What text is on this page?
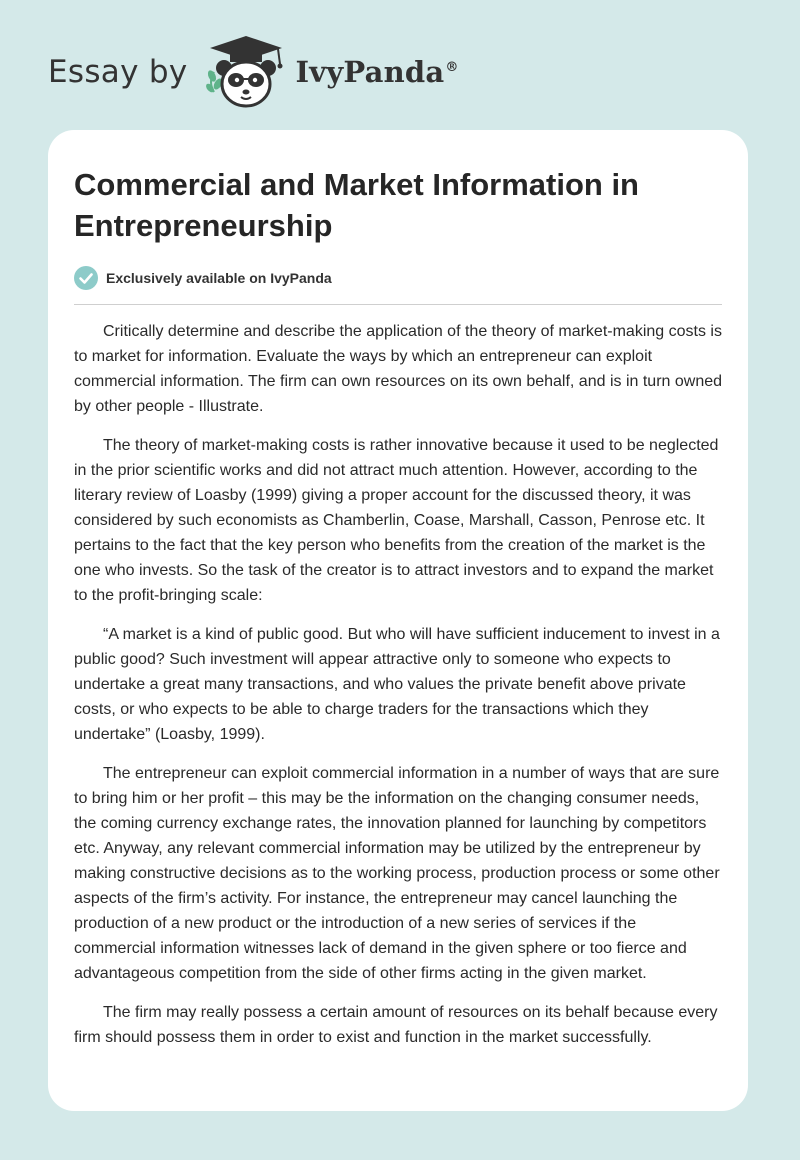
Essay by	IvyPanda®
Commercial and Market Information in Entrepreneurship
Exclusively available on IvyPanda

Critically determine and describe the application of the theory of market-making costs is to market for information. Evaluate the ways by which an entrepreneur can exploit commercial information. The firm can own resources on its own behalf, and is in turn owned by other people - Illustrate.

The theory of market-making costs is rather innovative because it used to be neglected in the prior scientific works and did not attract much attention. However, according to the literary review of Loasby (1999) giving a proper account for the discussed theory, it was considered by such economists as Chamberlin, Coase, Marshall, Casson, Penrose etc. It pertains to the fact that the key person who benefits from the creation of the market is the one who invests. So the task of the creator is to attract investors and to expand the market to the profit-bringing scale:

“A market is a kind of public good. But who will have sufficient inducement to invest in a public good? Such investment will appear attractive only to someone who expects to undertake a great many transactions, and who values the private benefit above private costs, or who expects to be able to charge traders for the transactions which they undertake” (Loasby, 1999).

The entrepreneur can exploit commercial information in a number of ways that are sure to bring him or her profit – this may be the information on the changing consumer needs, the coming currency exchange rates, the innovation planned for launching by competitors etc. Anyway, any relevant commercial information may be utilized by the entrepreneur by making constructive decisions as to the working process, production process or some other aspects of the firm’s activity. For instance, the entrepreneur may cancel launching the production of a new product or the introduction of a new series of services if the commercial information witnesses lack of demand in the given sphere or too fierce and advantageous competition from the side of other firms acting in the given market.

The firm may really possess a certain amount of resources on its behalf because every firm should possess them in order to exist and function in the market successfully.
